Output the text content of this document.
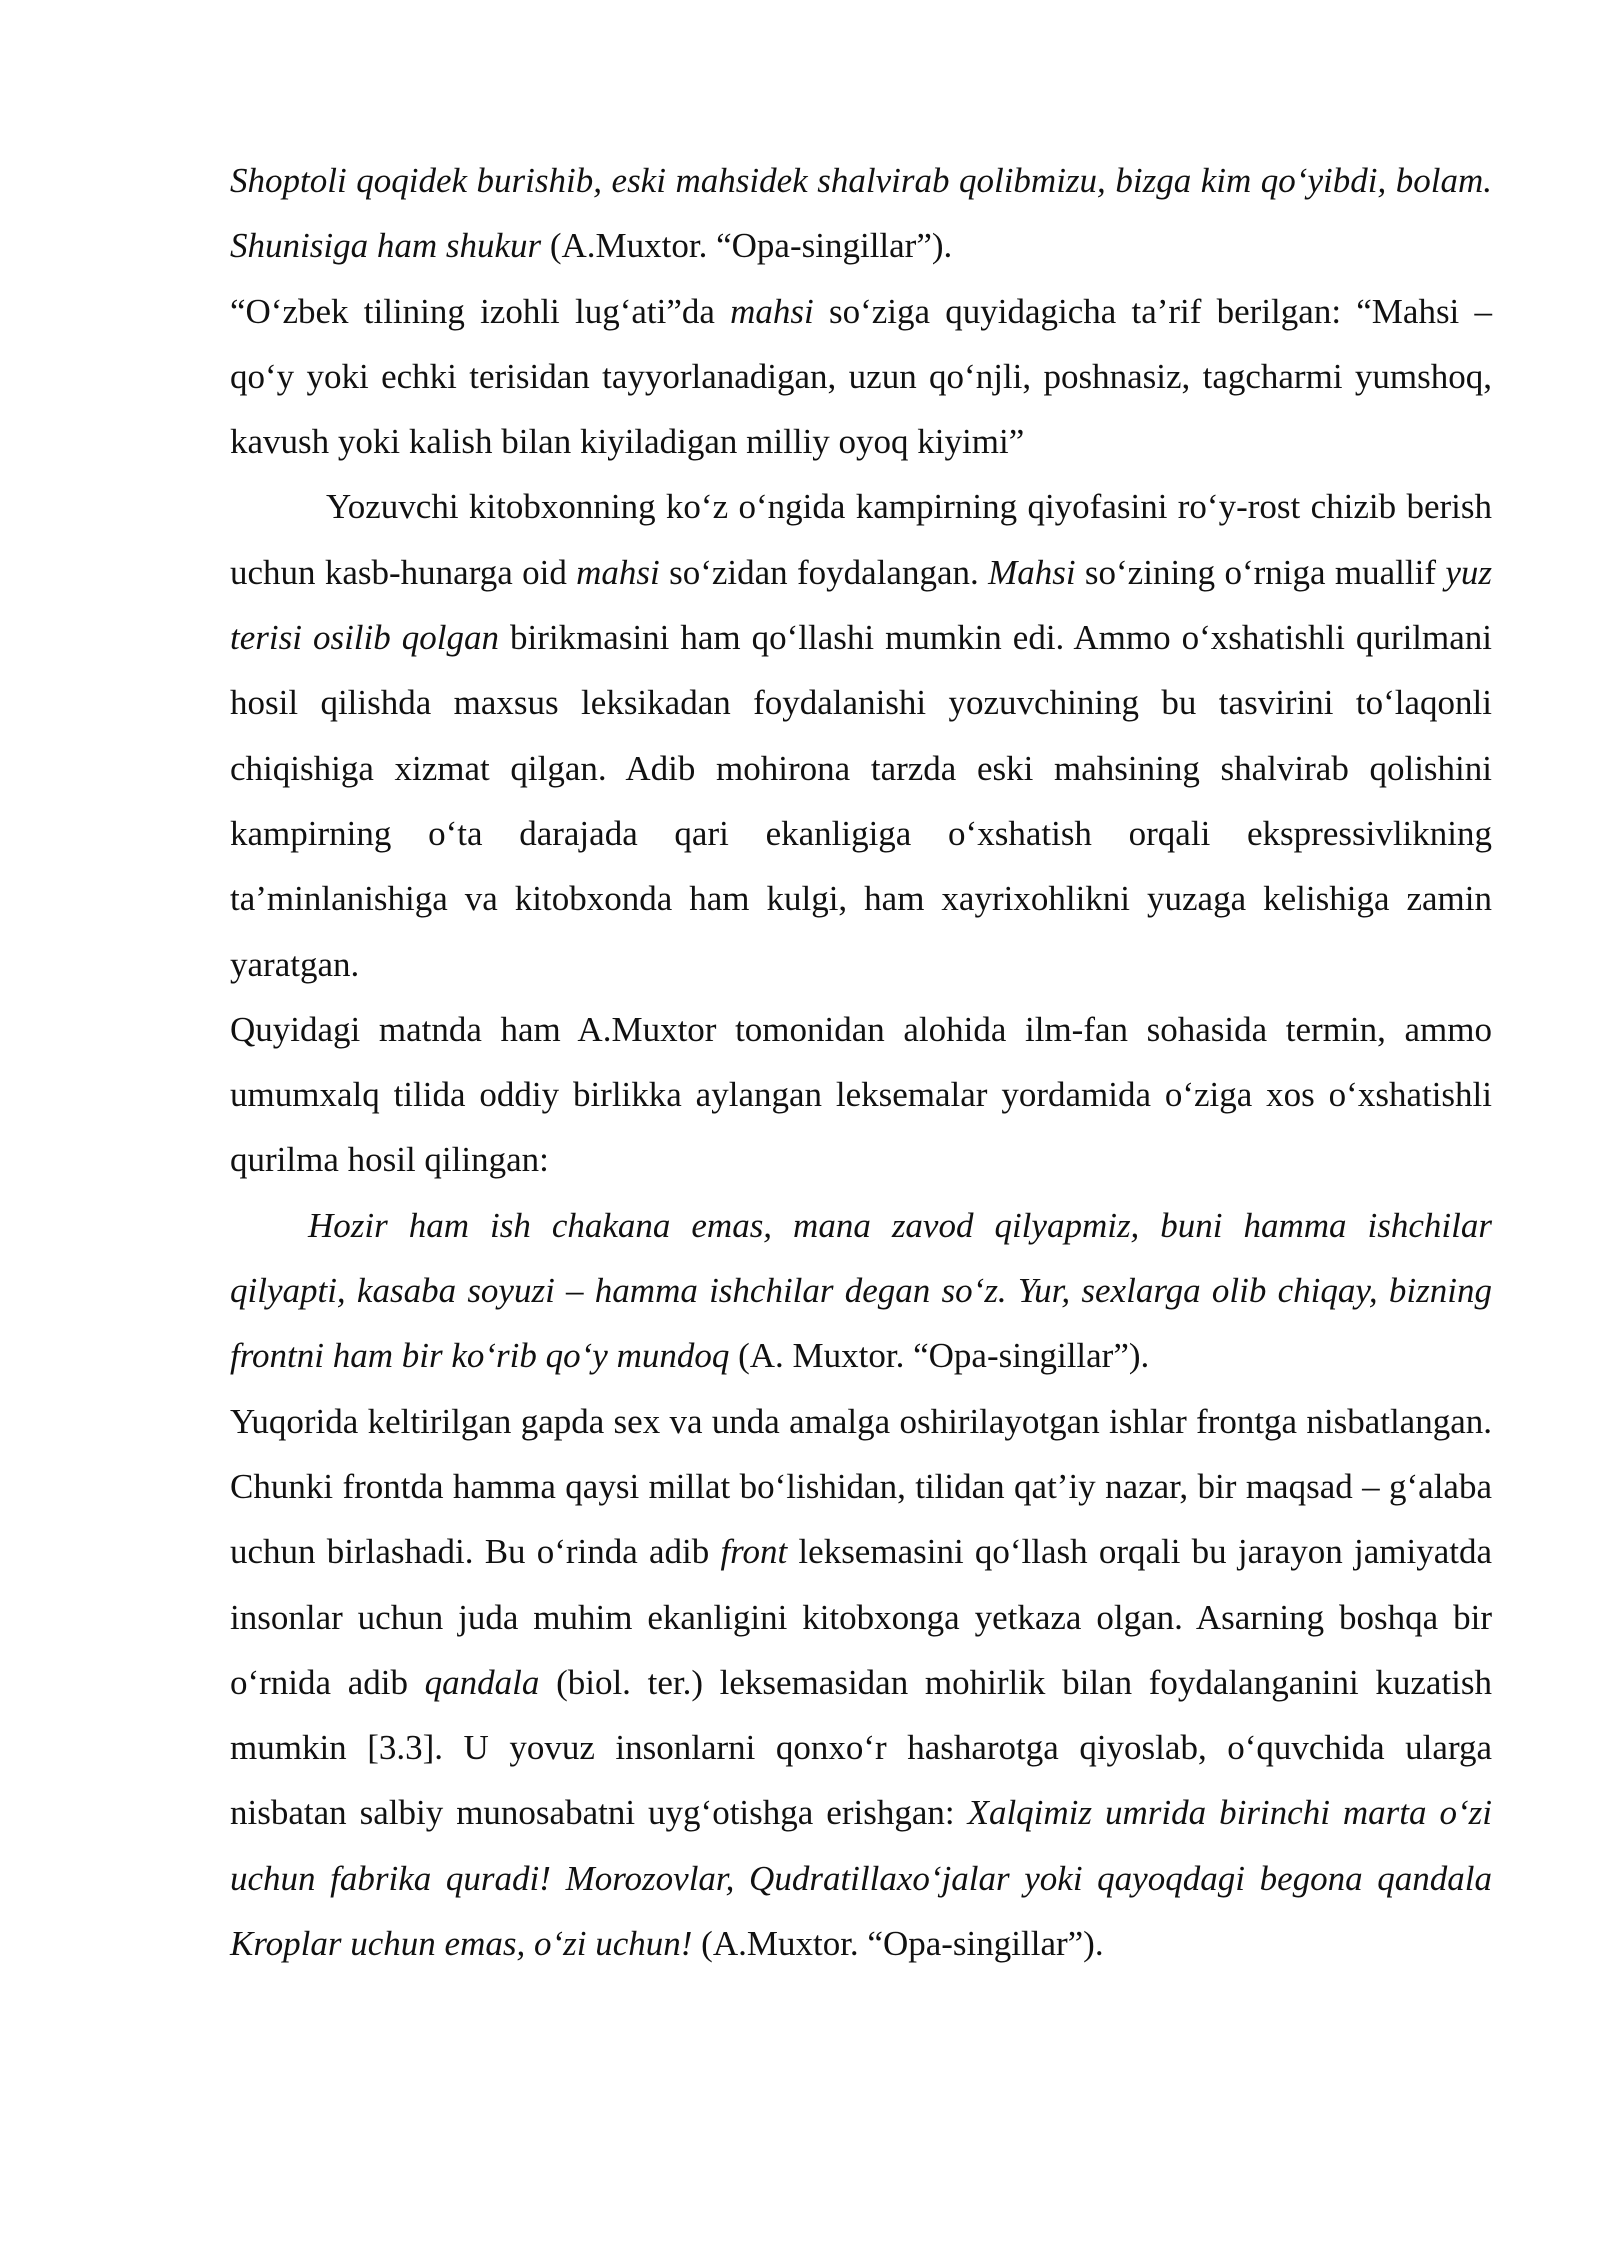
Shoptoli qoqidek burishib, eski mahsidek shalvirab qolibmizu, bizga kim qo‘yibdi, bolam. Shunisiga ham shukur (A.Muxtor. “Opa-singillar”).

“O‘zbek tilining izohli lug‘ati”da mahsi so‘ziga quyidagicha ta’rif berilgan: “Mahsi – qo‘y yoki echki terisidan tayyorlanadigan, uzun qo‘njli, poshnasiz, tagcharmi yumshoq, kavush yoki kalish bilan kiyiladigan milliy oyoq kiyimi”

Yozuvchi kitobxonning ko‘z o‘ngida kampirning qiyofasini ro‘y-rost chizib berish uchun kasb-hunarga oid mahsi so‘zidan foydalangan. Mahsi so‘zining o‘rniga muallif yuz terisi osilib qolgan birikmasini ham qo‘llashi mumkin edi. Ammo o‘xshatishli qurilmani hosil qilishda maxsus leksikadan foydalanishi yozuvchining bu tasvirini to‘laqonli chiqishiga xizmat qilgan. Adib mohirona tarzda eski mahsining shalvirab qolishini kampirning o‘ta darajada qari ekanligiga o‘xshatish orqali ekspressivlikning ta’minlanishiga va kitobxonda ham kulgi, ham xayrixohlikni yuzaga kelishiga zamin yaratgan.

Quyidagi matnda ham A.Muxtor tomonidan alohida ilm-fan sohasida termin, ammo umumxalq tilida oddiy birlikka aylangan leksemalar yordamida o‘ziga xos o‘xshatishli qurilma hosil qilingan:

Hozir ham ish chakana emas, mana zavod qilyapmiz, buni hamma ishchilar qilyapti, kasaba soyuzi – hamma ishchilar degan so‘z. Yur, sexlarga olib chiqay, bizning frontni ham bir ko‘rib qo‘y mundoq (A. Muxtor. “Opa-singillar”).

Yuqorida keltirilgan gapda sex va unda amalga oshirilayotgan ishlar frontga nisbatlangan. Chunki frontda hamma qaysi millat bo‘lishidan, tilidan qat’iy nazar, bir maqsad – g‘alaba uchun birlashadi. Bu o‘rinda adib front leksemasini qo‘llash orqali bu jarayon jamiyatda insonlar uchun juda muhim ekanligini kitobxonga yetkaza olgan. Asarning boshqa bir o‘rnida adib qandala (biol. ter.) leksemasidan mohirlik bilan foydalanganini kuzatish mumkin [3.3]. U yovuz insonlarni qonxo‘r hasharotga qiyoslab, o‘quvchida ularga nisbatan salbiy munosabatni uyg‘otishga erishgan: Xalqimiz umrida birinchi marta o‘zi uchun fabrika quradi! Morozovlar, Qudratillaxo‘jalar yoki qayoqdagi begona qandala Kroplar uchun emas, o‘zi uchun! (A.Muxtor. “Opa-singillar”).
